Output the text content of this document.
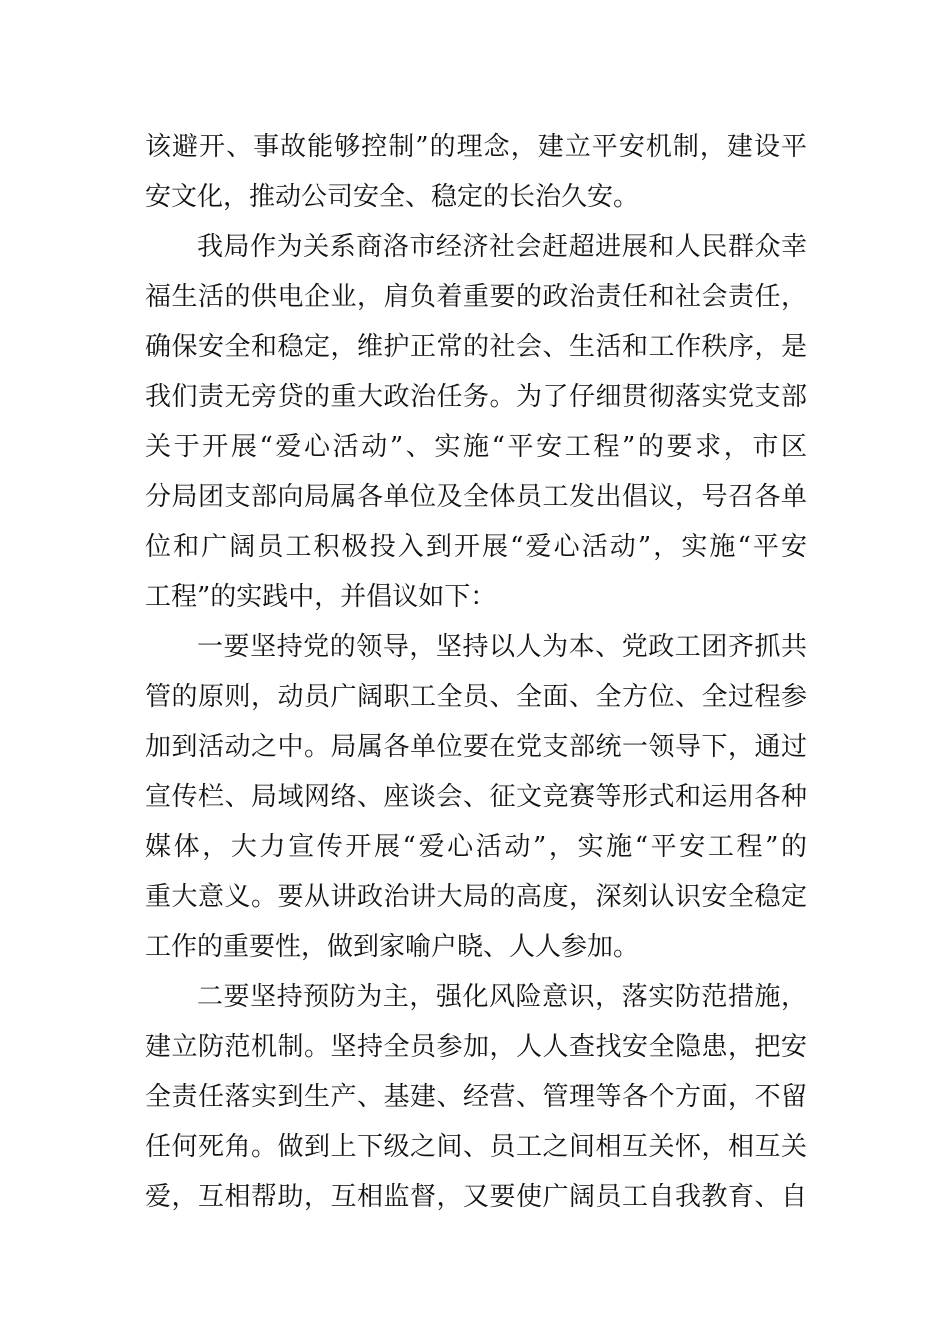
该避开、事故能够控制”的理念，建立平安机制，建设平
安文化，推动公司安全、稳定的长治久安。
我局作为关系商洛市经济社会赶超进展和人民群众幸
福生活的供电企业，肩负着重要的政治责任和社会责任，
确保安全和稳定，维护正常的社会、生活和工作秩序，是
我们责无旁贷的重大政治任务。为了仔细贯彻落实党支部
关于开展“爱心活动”、实施“平安工程”的要求，市区
分局团支部向局属各单位及全体员工发出倡议，号召各单
位和广阔员工积极投入到开展“爱心活动”，实施“平安
工程”的实践中，并倡议如下：
一要坚持党的领导，坚持以人为本、党政工团齐抓共
管的原则，动员广阔职工全员、全面、全方位、全过程参
加到活动之中。局属各单位要在党支部统一领导下，通过
宣传栏、局域网络、座谈会、征文竞赛等形式和运用各种
媒体，大力宣传开展“爱心活动”，实施“平安工程”的
重大意义。要从讲政治讲大局的高度，深刻认识安全稳定
工作的重要性，做到家喻户晓、人人参加。
二要坚持预防为主，强化风险意识，落实防范措施，
建立防范机制。坚持全员参加，人人查找安全隐患，把安
全责任落实到生产、基建、经营、管理等各个方面，不留
任何死角。做到上下级之间、员工之间相互关怀，相互关
爱，互相帮助，互相监督，又要使广阔员工自我教育、自
